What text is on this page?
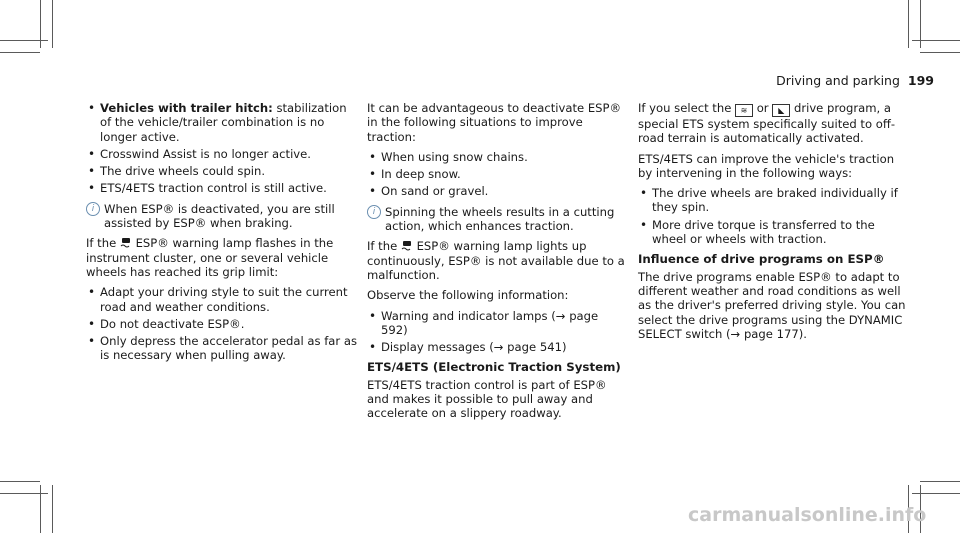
Driving and parking 199
• Vehicles with trailer hitch: stabilization of the vehicle/trailer combination is no longer active.
• Crosswind Assist is no longer active.
• The drive wheels could spin.
• ETS/4ETS traction control is still active.
i When ESP® is deactivated, you are still assisted by ESP® when braking.

If the ESP® warning lamp flashes in the instrument cluster, one or several vehicle wheels has reached its grip limit:

• Adapt your driving style to suit the current road and weather conditions.
• Do not deactivate ESP®.
• Only depress the accelerator pedal as far as is necessary when pulling away.

It can be advantageous to deactivate ESP® in the following situations to improve traction:

• When using snow chains.
• In deep snow.
• On sand or gravel.
i Spinning the wheels results in a cutting action, which enhances traction.

If the ESP® warning lamp lights up continuously, ESP® is not available due to a malfunction.

Observe the following information:

• Warning and indicator lamps (→ page 592)
• Display messages (→ page 541)
ETS/4ETS (Electronic Traction System)

ETS/4ETS traction control is part of ESP® and makes it possible to pull away and accelerate on a slippery roadway.

If you select the ≋ or ◣ drive program, a special ETS system specifically suited to off-road terrain is automatically activated.

ETS/4ETS can improve the vehicle's traction by intervening in the following ways:

• The drive wheels are braked individually if they spin.
• More drive torque is transferred to the wheel or wheels with traction.
Influence of drive programs on ESP®

The drive programs enable ESP® to adapt to different weather and road conditions as well as the driver's preferred driving style. You can select the drive programs using the DYNAMIC SELECT switch (→ page 177).

carmanualsonline.info
